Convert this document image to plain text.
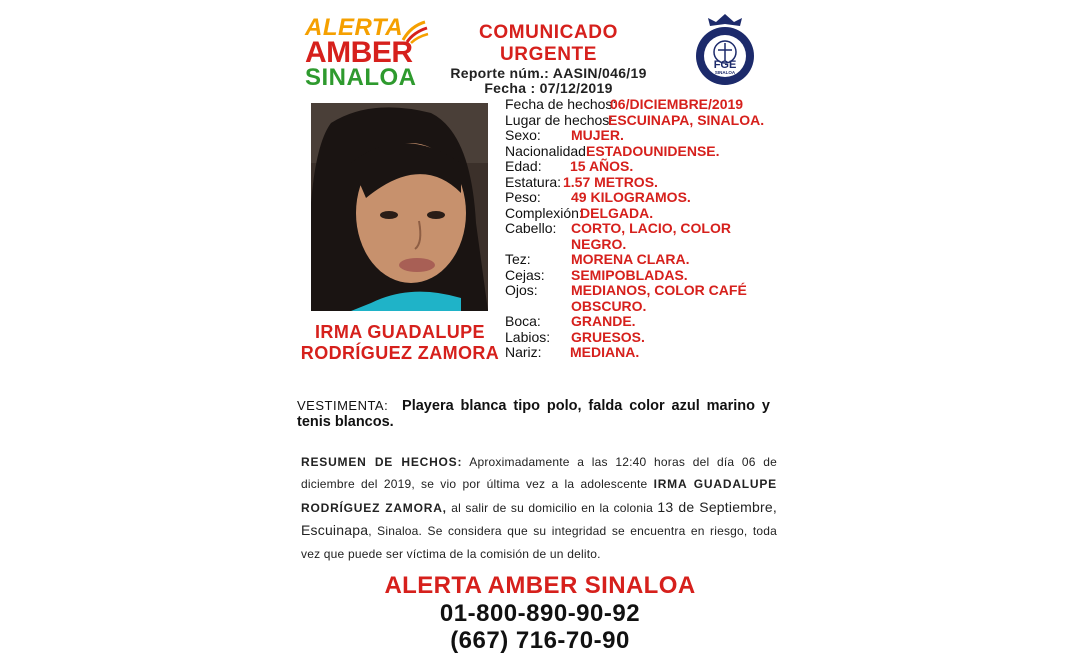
ALERTA
AMBER
SINALOA
COMUNICADO URGENTE
Reporte núm.: AASIN/046/19
Fecha : 07/12/2019
FGE
SINALOA
IRMA GUADALUPE
RODRÍGUEZ ZAMORA
Fecha de hechos:
06/DICIEMBRE/2019
Lugar de hechos:
ESCUINAPA, SINALOA.
Sexo: MUJER.
Nacionalidad:
ESTADOUNIDENSE.
Edad: 15 AÑOS.
Estatura: 1.57 METROS.
Peso: 49 KILOGRAMOS.
Complexión:
DELGADA.
Cabello: CORTO, LACIO, COLOR
NEGRO.
Tez:	MORENA CLARA.
Cejas: SEMIPOBLADAS.
Ojos: MEDIANOS, COLOR CAFÉ
OBSCURO.
Boca: GRANDE.
Labios: GRUESOS.
Nariz: MEDIANA.
VESTIMENTA: Playera blanca tipo polo, falda color azul marino y tenis blancos.
RESUMEN DE HECHOS: Aproximadamente a las 12:40 horas del día 06 de diciembre del 2019, se vio por última vez a la adolescente IRMA GUADALUPE RODRÍGUEZ ZAMORA, al salir de su domicilio en la colonia 13 de Septiembre, Escuinapa, Sinaloa. Se considera que su integridad se encuentra en riesgo, toda vez que puede ser víctima de la comisión de un delito.
ALERTA AMBER SINALOA
01-800-890-90-92
(667) 716-70-90
